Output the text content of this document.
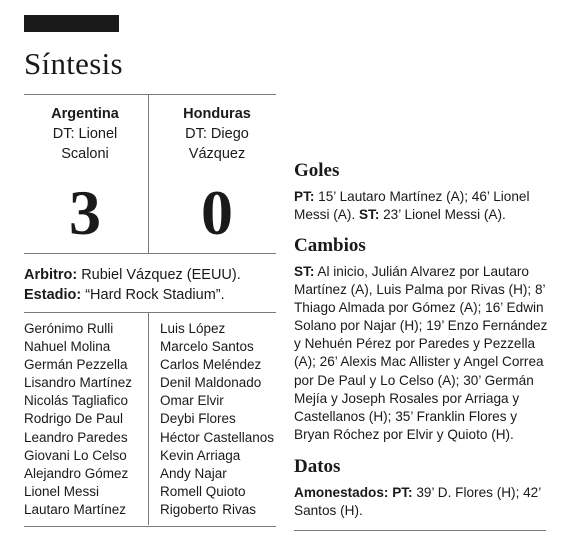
Síntesis
Argentina
DT: Lionel
Scaloni
Honduras
DT: Diego
Vázquez
3	0
Arbitro: Rubiel Vázquez (EEUU).
Estadio: “Hard Rock Stadium”.
Gerónimo Rulli
Nahuel Molina
Germán Pezzella
Lisandro Martínez
Nicolás Tagliafico
Rodrigo De Paul
Leandro Paredes
Giovani Lo Celso
Alejandro Gómez
Lionel Messi
Lautaro Martínez
Luis López
Marcelo Santos
Carlos Meléndez
Denil Maldonado
Omar Elvir
Deybi Flores
Héctor Castellanos
Kevin Arriaga
Andy Najar
Romell Quioto
Rigoberto Rivas
Goles
PT: 15’ Lautaro Martínez (A); 46’ Lionel Messi (A). ST: 23’ Lionel Messi (A).
Cambios
ST: Al inicio, Julián Alvarez por Lautaro Martínez (A), Luis Palma por Rivas (H); 8’ Thiago Almada por Gómez (A); 16’ Edwin Solano por Najar (H); 19’ Enzo Fernández y Nehuén Pérez por Paredes y Pezzella (A); 26’ Alexis Mac Allister y Angel Correa por De Paul y Lo Celso (A); 30’ Germán Mejía y Joseph Rosales por Arriaga y Castellanos (H); 35’ Franklin Flores y Bryan Róchez por Elvir y Quioto (H).
Datos
Amonestados: PT: 39’ D. Flores (H); 42’ Santos (H).
